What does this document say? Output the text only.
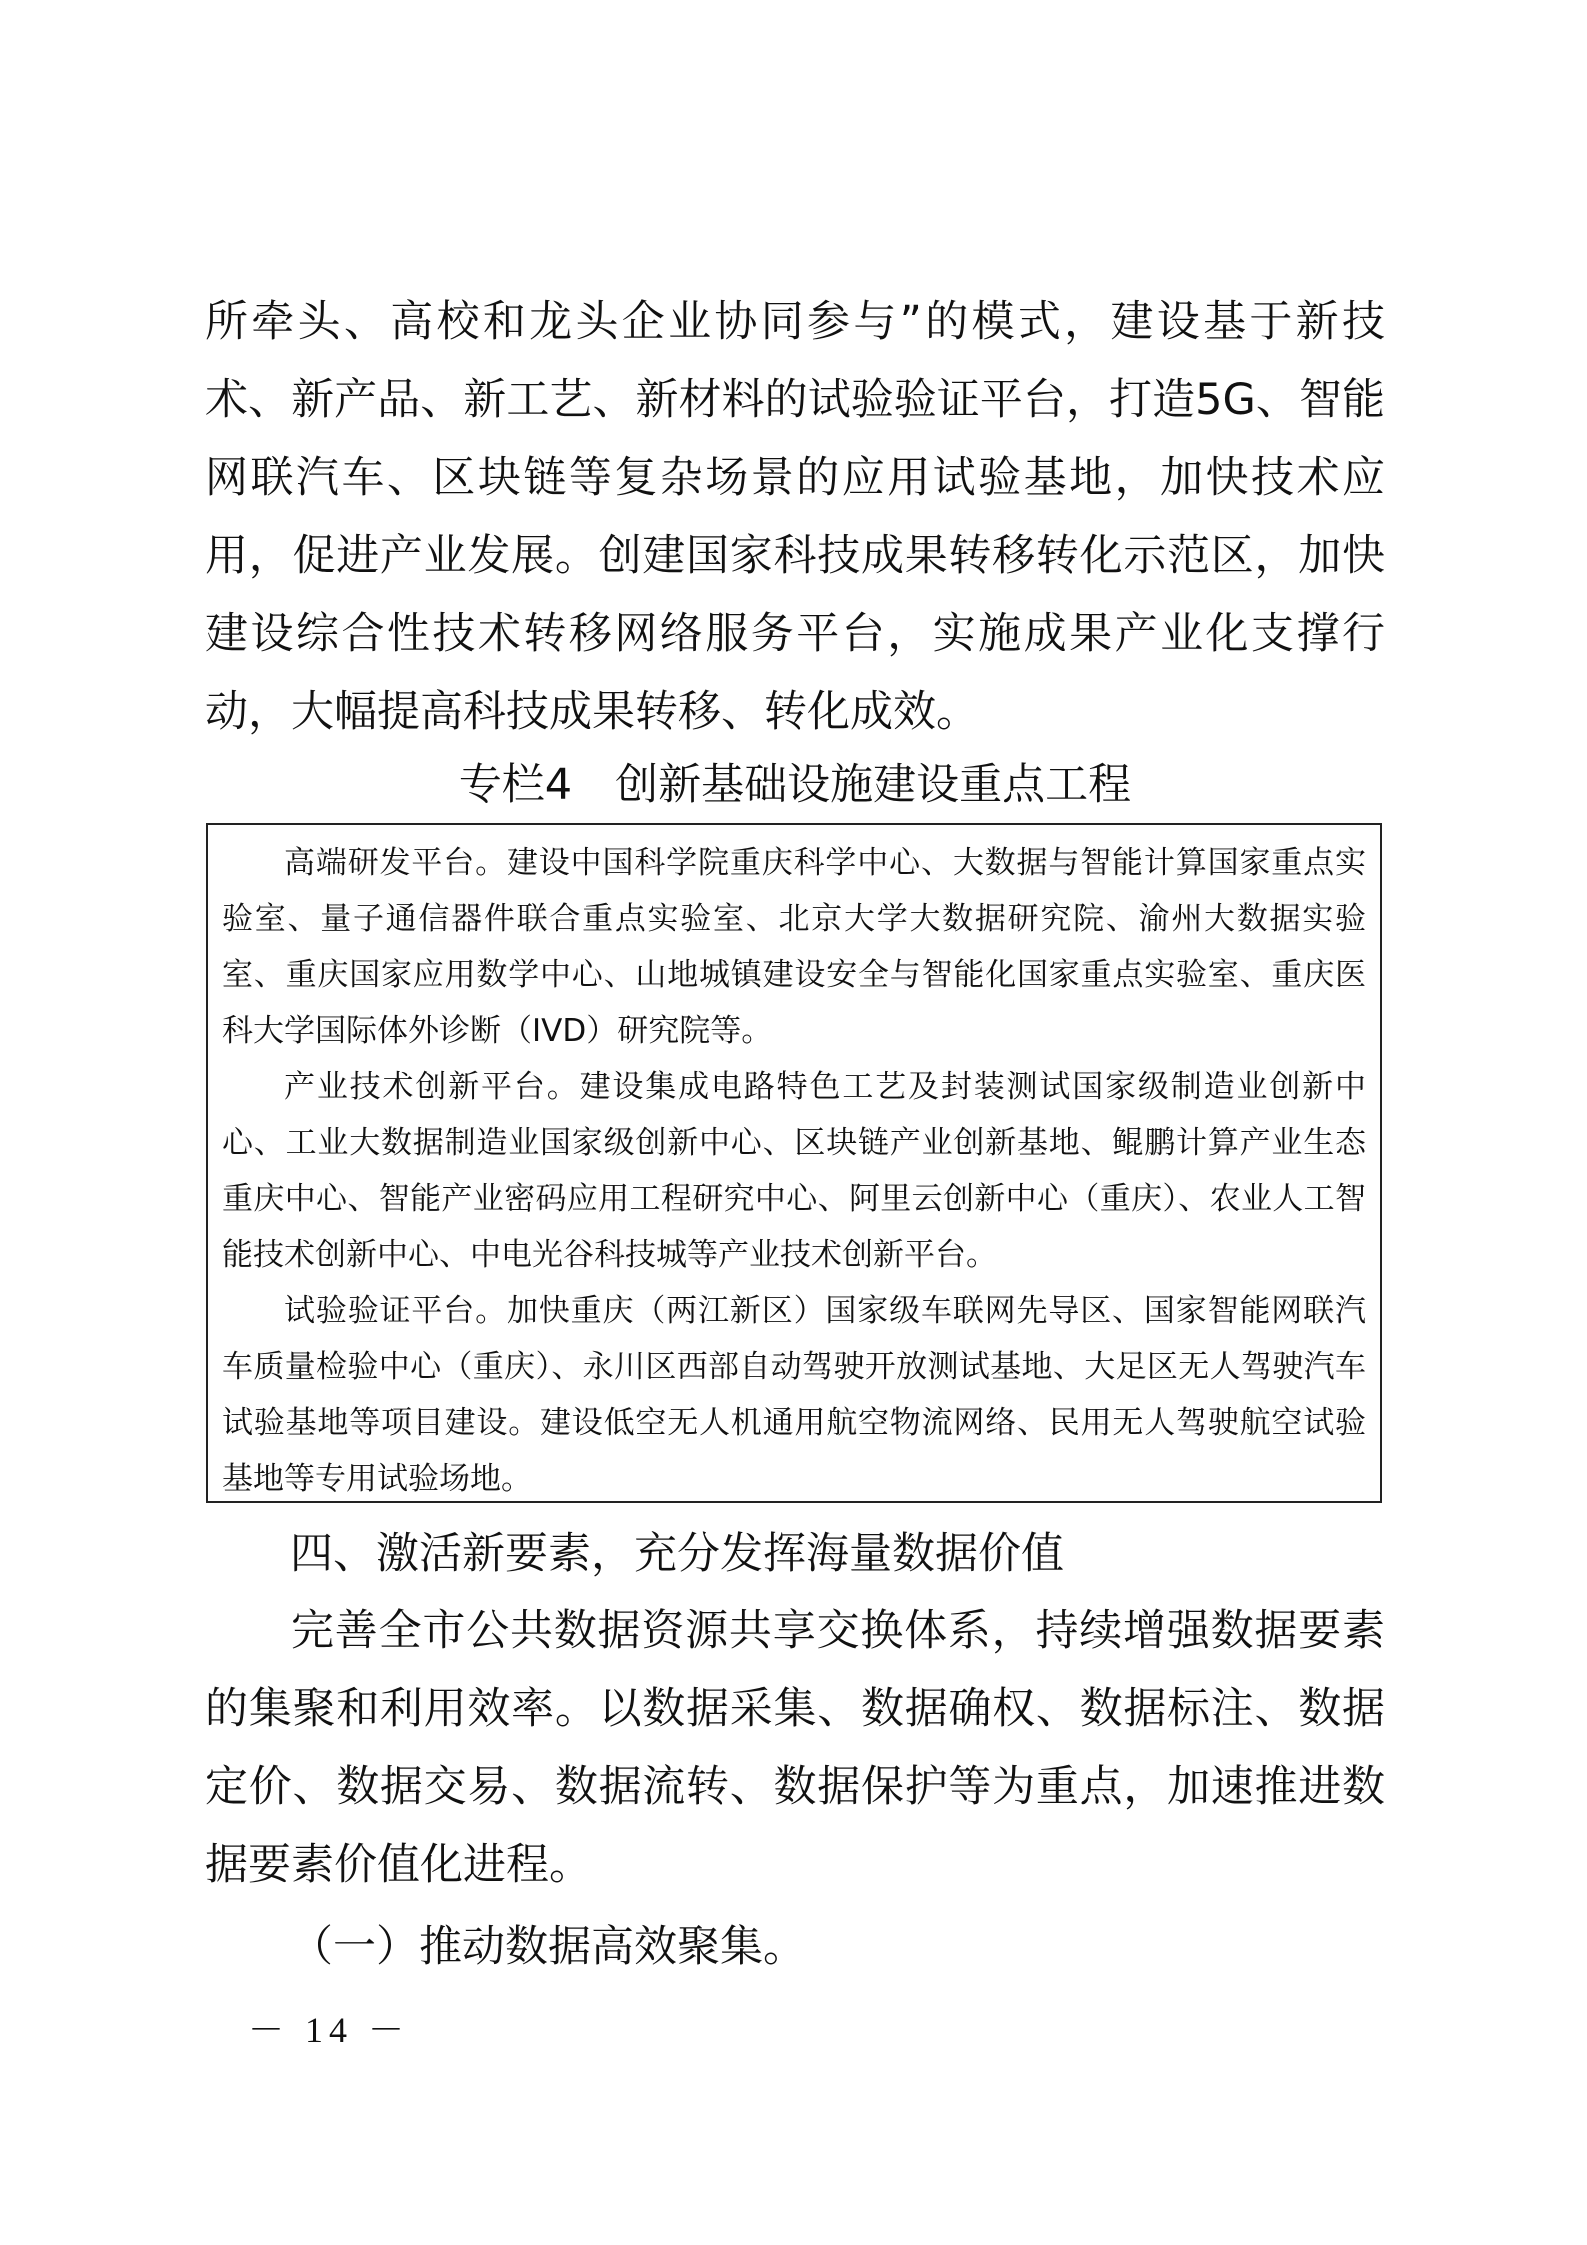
所牵头、高校和龙头企业协同参与”的模式，建设基于新技术、新产品、新工艺、新材料的试验验证平台，打造5G、智能网联汽车、区块链等复杂场景的应用试验基地，加快技术应用，促进产业发展。创建国家科技成果转移转化示范区，加快建设综合性技术转移网络服务平台，实施成果产业化支撑行动，大幅提高科技成果转移、转化成效。

专栏4　创新基础设施建设重点工程

高端研发平台。建设中国科学院重庆科学中心、大数据与智能计算国家重点实验室、量子通信器件联合重点实验室、北京大学大数据研究院、渝州大数据实验室、重庆国家应用数学中心、山地城镇建设安全与智能化国家重点实验室、重庆医科大学国际体外诊断（IVD）研究院等。

产业技术创新平台。建设集成电路特色工艺及封装测试国家级制造业创新中心、工业大数据制造业国家级创新中心、区块链产业创新基地、鲲鹏计算产业生态重庆中心、智能产业密码应用工程研究中心、阿里云创新中心（重庆）、农业人工智能技术创新中心、中电光谷科技城等产业技术创新平台。

试验验证平台。加快重庆（两江新区）国家级车联网先导区、国家智能网联汽车质量检验中心（重庆）、永川区西部自动驾驶开放测试基地、大足区无人驾驶汽车试验基地等项目建设。建设低空无人机通用航空物流网络、民用无人驾驶航空试验基地等专用试验场地。

四、激活新要素，充分发挥海量数据价值

完善全市公共数据资源共享交换体系，持续增强数据要素的集聚和利用效率。以数据采集、数据确权、数据标注、数据定价、数据交易、数据流转、数据保护等为重点，加速推进数据要素价值化进程。

（一）推动数据高效聚集。
－ 14 －
